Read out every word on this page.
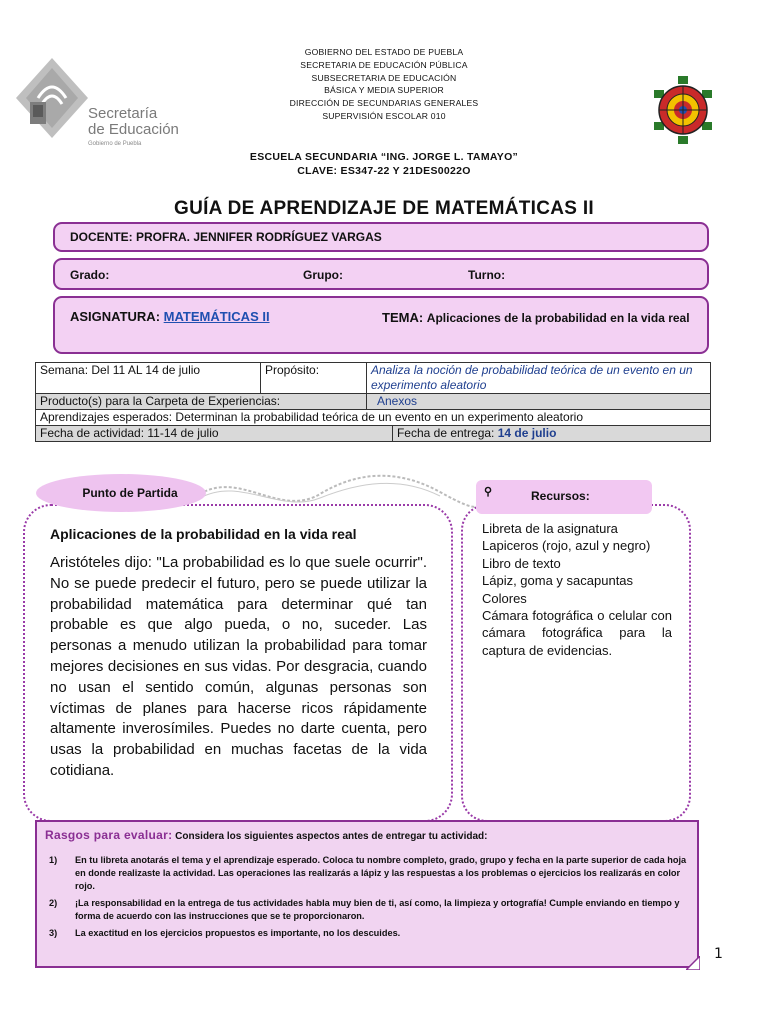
Secretaría
de Educación
Gobierno de Puebla
GOBIERNO DEL ESTADO DE PUEBLA
SECRETARIA DE EDUCACIÓN PÚBLICA
SUBSECRETARIA DE EDUCACIÓN
BÁSICA Y MEDIA SUPERIOR
DIRECCIÓN DE SECUNDARIAS GENERALES
SUPERVISIÓN ESCOLAR 010
ESCUELA SECUNDARIA “ING. JORGE L. TAMAYO”
CLAVE: ES347-22 Y 21DES0022O
GUÍA DE APRENDIZAJE DE MATEMÁTICAS II
DOCENTE: PROFRA. JENNIFER RODRÍGUEZ VARGAS
Grado:	Grupo:	Turno:
ASIGNATURA: MATEMÁTICAS II	TEMA: Aplicaciones de la probabilidad en la vida real
Semana: Del 11 AL 14 de julio	Propósito:	Analiza la noción de probabilidad teórica de un evento en un experimento aleatorio	
Producto(s) para la Carpeta de Experiencias:		Anexos	
Aprendizajes esperados: Determinan la probabilidad teórica de un evento en un experimento aleatorio			
Fecha de actividad: 11-14 de julio			Fecha de entrega: 14 de julio
Punto de Partida	⚲	Recursos:
Aplicaciones de la probabilidad en la vida real
Aristóteles dijo: "La probabilidad es lo que suele ocurrir". No se puede predecir el futuro, pero se puede utilizar la probabilidad matemática para determinar qué tan probable es que algo pueda, o no, suceder. Las personas a menudo utilizan la probabilidad para tomar mejores decisiones en sus vidas. Por desgracia, cuando no usan el sentido común, algunas personas son víctimas de planes para hacerse ricos rápidamente altamente inverosímiles. Puedes no darte cuenta, pero usas la probabilidad en muchas facetas de la vida cotidiana.
Libreta de la asignatura
Lapiceros (rojo, azul y negro)
Libro de texto
Lápiz, goma y sacapuntas
Colores
Cámara fotográfica o celular con cámara fotográfica para la captura de evidencias.
Rasgos para evaluar: Considera los siguientes aspectos antes de entregar tu actividad:
1) En tu libreta anotarás el tema y el aprendizaje esperado. Coloca tu nombre completo, grado, grupo y fecha en la parte superior de cada hoja en donde realizaste la actividad. Las operaciones las realizarás a lápiz y las respuestas a los problemas o ejercicios los realizarás en color rojo.
2) ¡La responsabilidad en la entrega de tus actividades habla muy bien de ti, así como, la limpieza y ortografía! Cumple enviando en tiempo y forma de acuerdo con las instrucciones que se te proporcionaron.
3) La exactitud en los ejercicios propuestos es importante, no los descuides.
1
